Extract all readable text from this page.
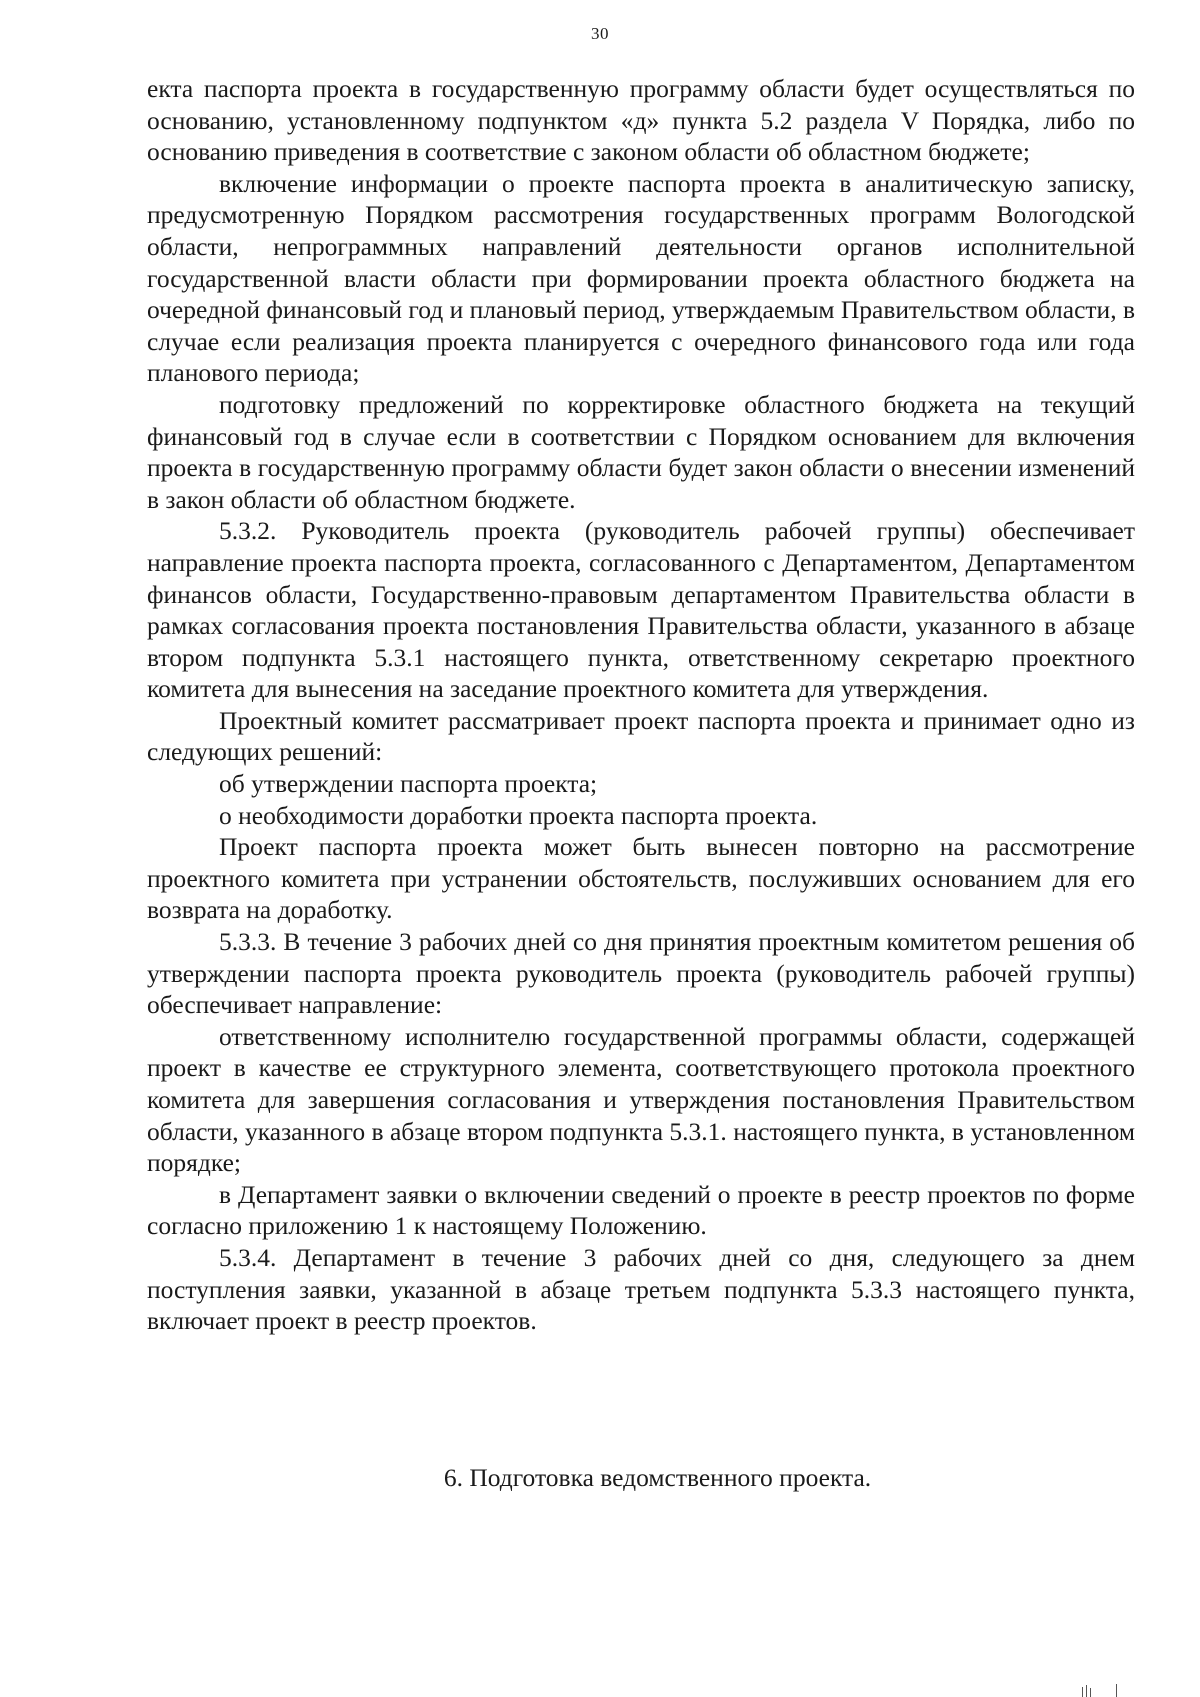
30

екта паспорта проекта в государственную программу области будет осуществляться по основанию, установленному подпунктом «д» пункта 5.2 раздела V Порядка, либо по основанию приведения в соответствие с законом области об областном бюджете;

включение информации о проекте паспорта проекта в аналитическую записку, предусмотренную Порядком рассмотрения государственных программ Вологодской области, непрограммных направлений деятельности органов исполнительной государственной власти области при формировании проекта областного бюджета на очередной финансовый год и плановый период, утверждаемым Правительством области, в случае если реализация проекта планируется с очередного финансового года или года планового периода;

подготовку предложений по корректировке областного бюджета на текущий финансовый год в случае если в соответствии с Порядком основанием для включения проекта в государственную программу области будет закон области о внесении изменений в закон области об областном бюджете.

5.3.2. Руководитель проекта (руководитель рабочей группы) обеспечивает направление проекта паспорта проекта, согласованного с Департаментом, Департаментом финансов области, Государственно-правовым департаментом Правительства области в рамках согласования проекта постановления Правительства области, указанного в абзаце втором подпункта 5.3.1 настоящего пункта, ответственному секретарю проектного комитета для вынесения на заседание проектного комитета для утверждения.

Проектный комитет рассматривает проект паспорта проекта и принимает одно из следующих решений:

об утверждении паспорта проекта;

о необходимости доработки проекта паспорта проекта.

Проект паспорта проекта может быть вынесен повторно на рассмотрение проектного комитета при устранении обстоятельств, послуживших основанием для его возврата на доработку.

5.3.3. В течение 3 рабочих дней со дня принятия проектным комитетом решения об утверждении паспорта проекта руководитель проекта (руководитель рабочей группы) обеспечивает направление:

ответственному исполнителю государственной программы области, содержащей проект в качестве ее структурного элемента, соответствующего протокола проектного комитета для завершения согласования и утверждения постановления Правительством области, указанного в абзаце втором подпункта 5.3.1. настоящего пункта, в установленном порядке;

в Департамент заявки о включении сведений о проекте в реестр проектов по форме согласно приложению 1 к настоящему Положению.

5.3.4. Департамент в течение 3 рабочих дней со дня, следующего за днем поступления заявки, указанной в абзаце третьем подпункта 5.3.3 настоящего пункта, включает проект в реестр проектов.

6. Подготовка ведомственного проекта.
